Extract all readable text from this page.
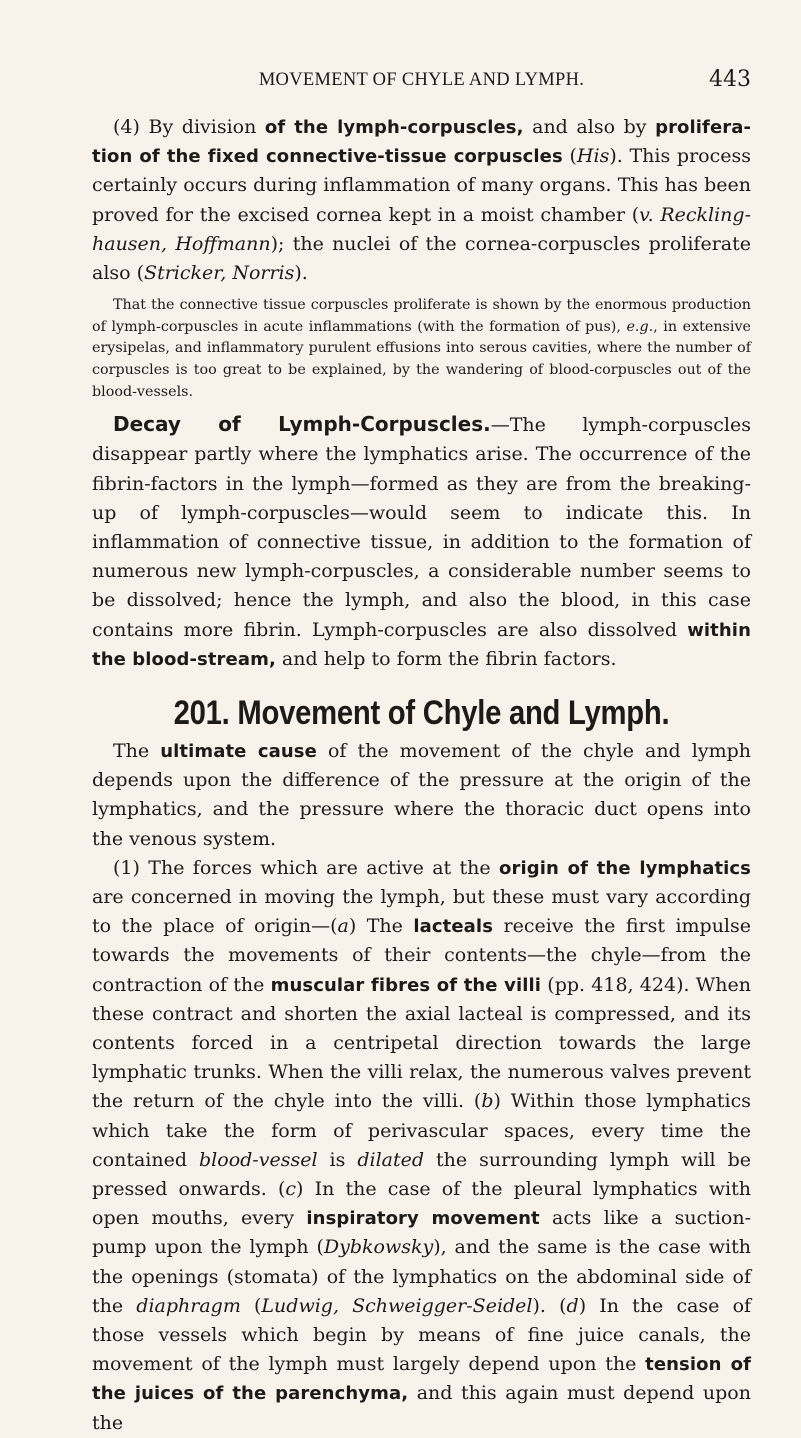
MOVEMENT OF CHYLE AND LYMPH.	443

(4) By division of the lymph-corpuscles, and also by proliferation of the fixed connective-tissue corpuscles (His). This process certainly occurs during inflammation of many organs. This has been proved for the excised cornea kept in a moist chamber (v. Recklinghausen, Hoffmann); the nuclei of the cornea-corpuscles proliferate also (Stricker, Norris).

That the connective tissue corpuscles proliferate is shown by the enormous production of lymph-corpuscles in acute inflammations (with the formation of pus), e.g., in extensive erysipelas, and inflammatory purulent effusions into serous cavities, where the number of corpuscles is too great to be explained, by the wandering of blood-corpuscles out of the blood-vessels.

Decay of Lymph-Corpuscles.—The lymph-corpuscles disappear partly where the lymphatics arise. The occurrence of the fibrin-factors in the lymph—formed as they are from the breaking-up of lymph-corpuscles—would seem to indicate this. In inflammation of connective tissue, in addition to the formation of numerous new lymph-corpuscles, a considerable number seems to be dissolved; hence the lymph, and also the blood, in this case contains more fibrin. Lymph-corpuscles are also dissolved within the blood-stream, and help to form the fibrin factors.

201. Movement of Chyle and Lymph.

The ultimate cause of the movement of the chyle and lymph depends upon the difference of the pressure at the origin of the lymphatics, and the pressure where the thoracic duct opens into the venous system.

(1) The forces which are active at the origin of the lymphatics are concerned in moving the lymph, but these must vary according to the place of origin—(a) The lacteals receive the first impulse towards the movements of their contents—the chyle—from the contraction of the muscular fibres of the villi (pp. 418, 424). When these contract and shorten the axial lacteal is compressed, and its contents forced in a centripetal direction towards the large lymphatic trunks. When the villi relax, the numerous valves prevent the return of the chyle into the villi. (b) Within those lymphatics which take the form of perivascular spaces, every time the contained blood-vessel is dilated the surrounding lymph will be pressed onwards. (c) In the case of the pleural lymphatics with open mouths, every inspiratory movement acts like a suction-pump upon the lymph (Dybkowsky), and the same is the case with the openings (stomata) of the lymphatics on the abdominal side of the diaphragm (Ludwig, Schweigger-Seidel). (d) In the case of those vessels which begin by means of fine juice canals, the movement of the lymph must largely depend upon the tension of the juices of the parenchyma, and this again must depend upon the
